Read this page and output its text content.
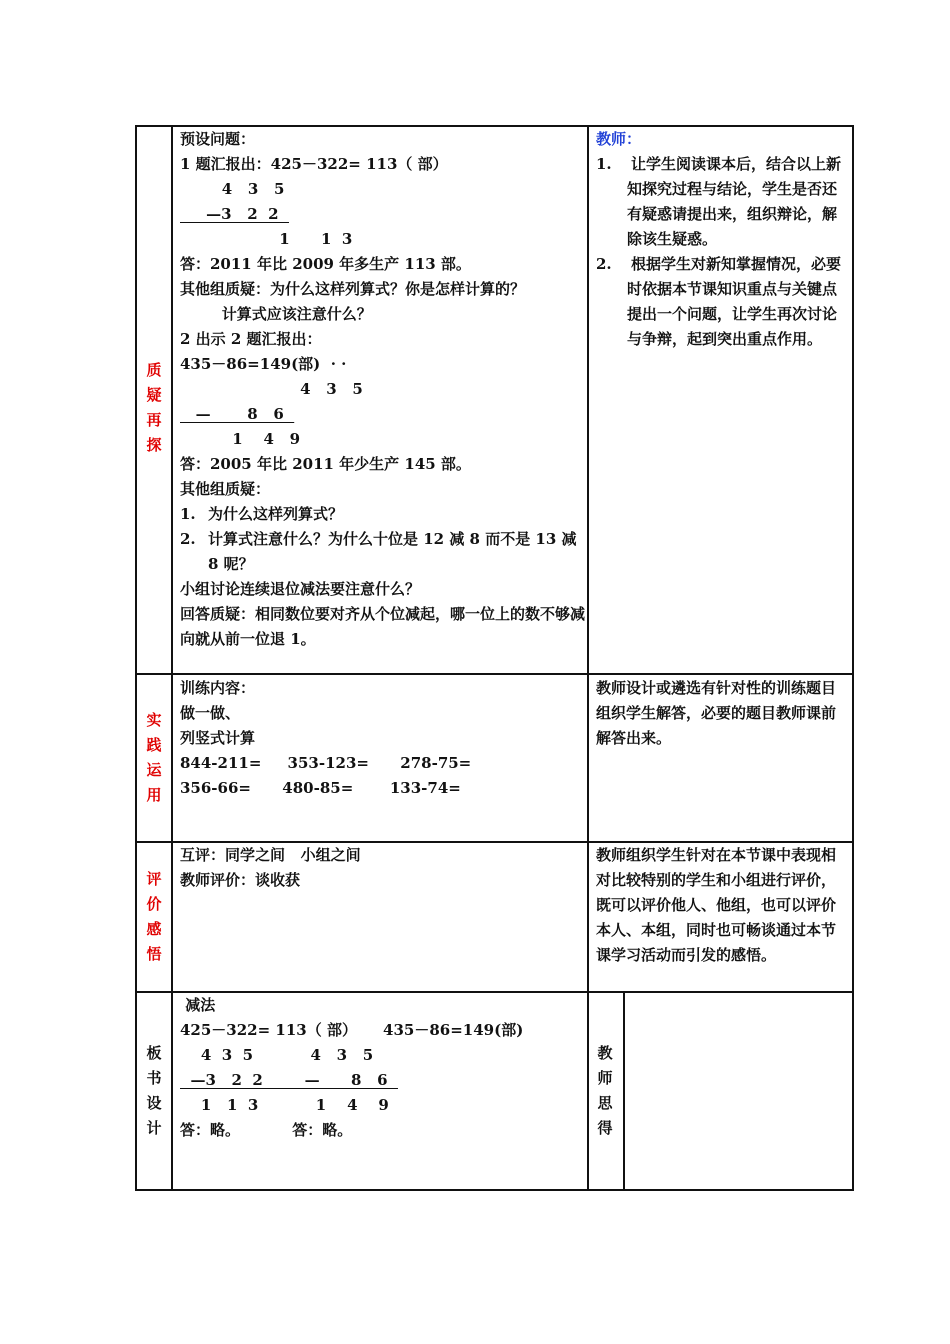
质
疑
再
探
预设问题：
1 题汇报出：425－322= 113（ 部）
4   3   5
—3   2  2
1      1  3
答：2011 年比 2009 年多生产 113 部。
其他组质疑：为什么这样列算式？你是怎样计算的？
计算式应该注意什么？
2 出示 2 题汇报出：
435－86=149(部)  · ·
4   3   5
—       8   6
1    4   9
答：2005 年比 2011 年少生产 145 部。
其他组质疑：
1. 为什么这样列算式？
2. 计算式注意什么？为什么十位是 12 减 8 而不是 13 减 8 呢？
小组讨论连续退位减法要注意什么？
回答质疑：相同数位要对齐从个位减起，哪一位上的数不够减向就从前一位退 1。
教师：
1.	让学生阅读课本后，结合以上新知探究过程与结论，学生是否还有疑惑请提出来，组织辩论，解除该生疑惑。
2.	根据学生对新知掌握情况，必要时依据本节课知识重点与关键点提出一个问题，让学生再次讨论与争辩，起到突出重点作用。
实
践
运
用
训练内容：
做一做、
列竖式计算
844-211=     353-123=      278-75=
356-66=      480-85=       133-74=
教师设计或遴选有针对性的训练题目组织学生解答，必要的题目教师课前解答出来。
评
价
感
悟
互评：同学之间   小组之间
教师评价：谈收获
教师组织学生针对在本节课中表现相对比较特别的学生和小组进行评价，既可以评价他人、他组，也可以评价本人、本组，同时也可畅谈通过本节课学习活动而引发的感悟。
板
书
设
计
减法
425－322= 113（ 部）     435－86=149(部)
4  3  5           4   3   5
—3   2  2        —      8   6
1   1  3           1    4    9
答：略。          答：略。
教
师
思
得
